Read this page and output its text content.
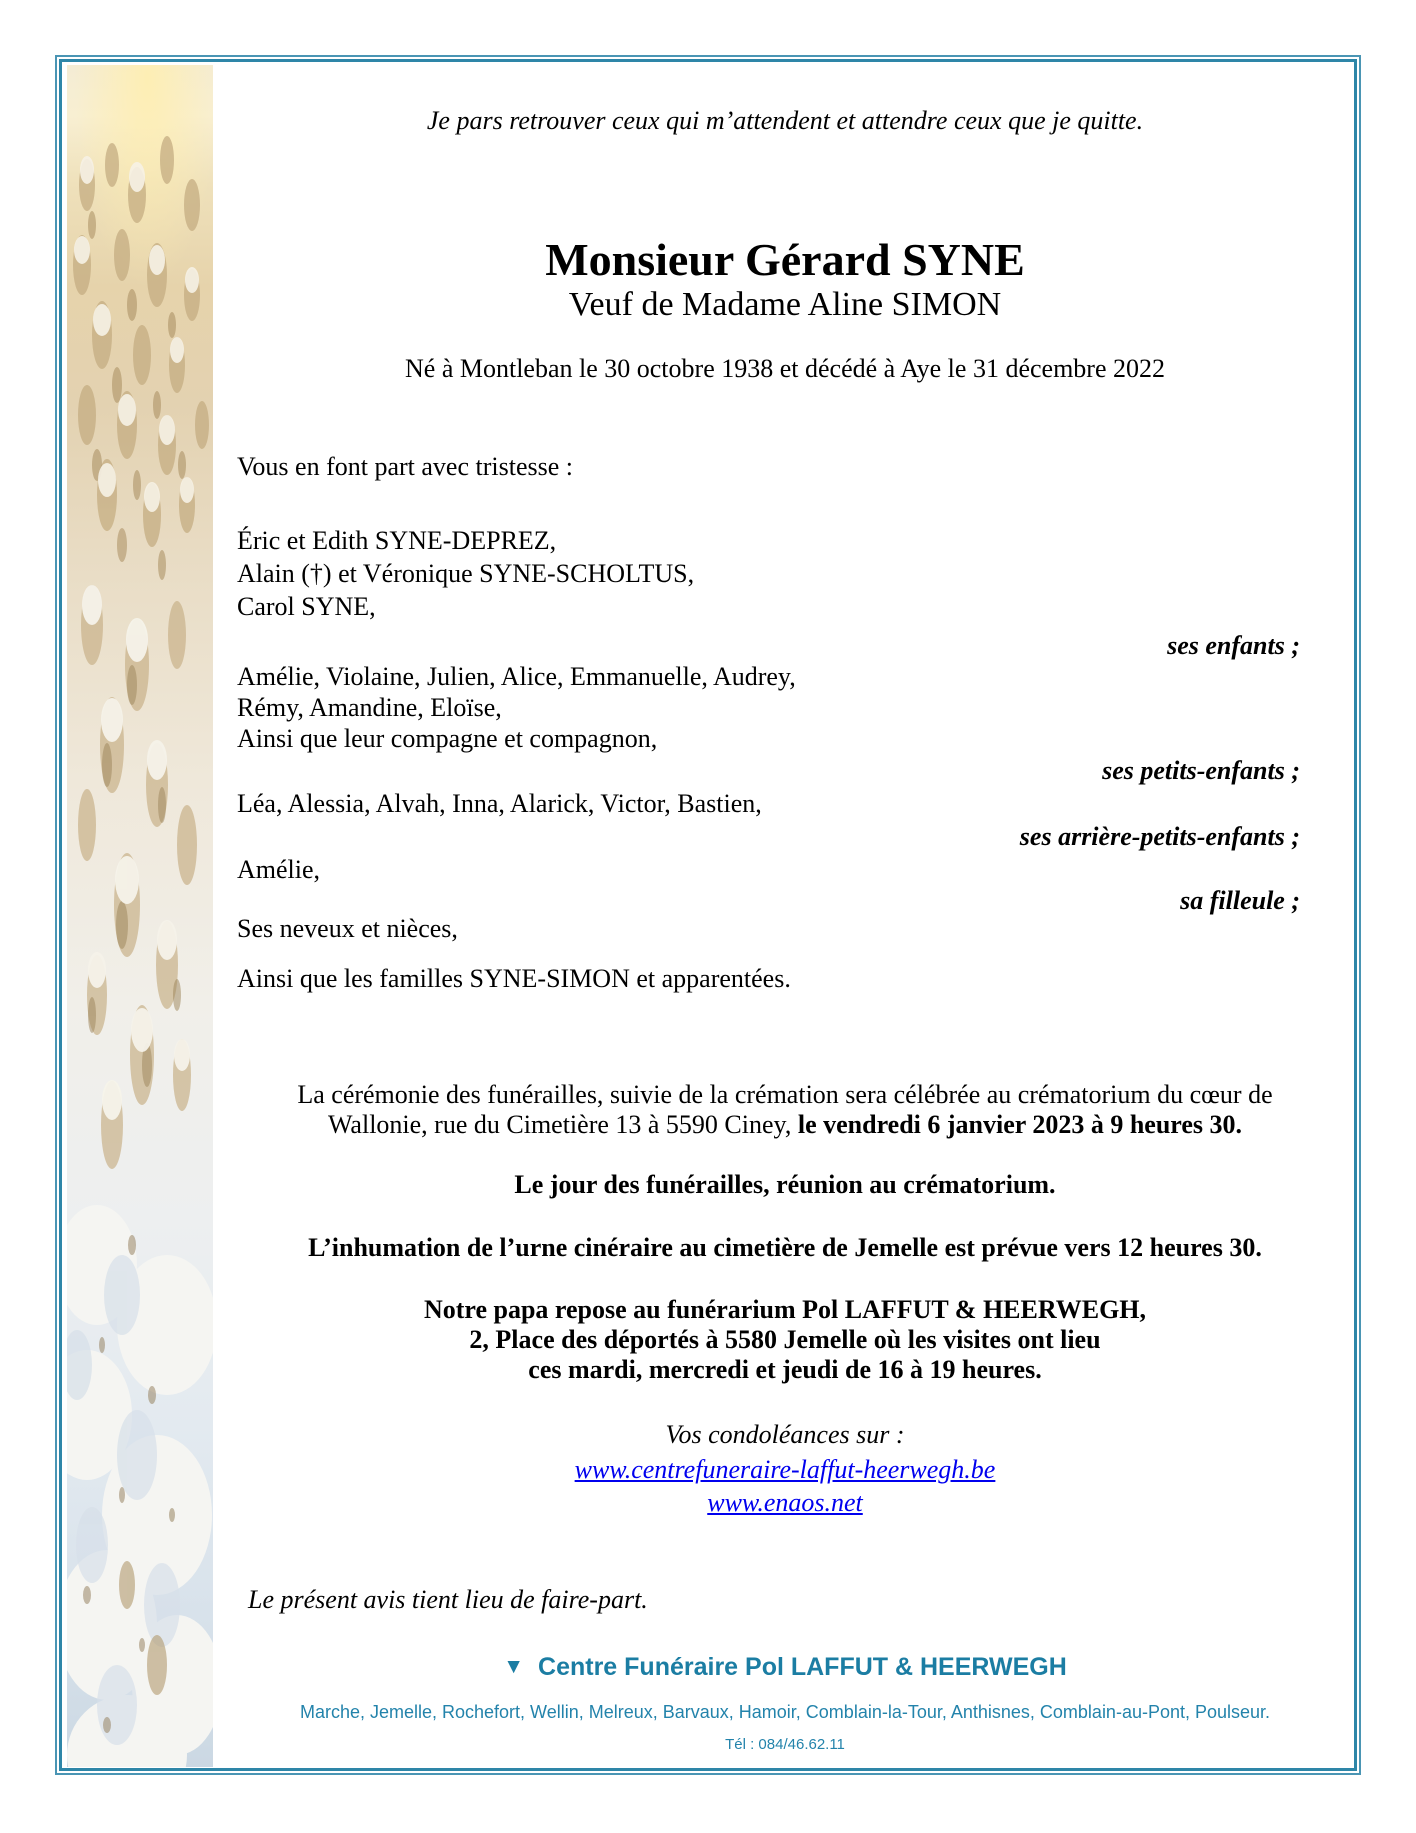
Je pars retrouver ceux qui m’attendent et attendre ceux que je quitte.
Monsieur Gérard SYNE
Veuf de Madame Aline SIMON
Né à Montleban le 30 octobre 1938 et décédé à Aye le 31 décembre 2022
Vous en font part avec tristesse :
Éric et Edith SYNE-DEPREZ,
Alain (†) et Véronique SYNE-SCHOLTUS,
Carol SYNE,
ses enfants ;
Amélie, Violaine, Julien, Alice, Emmanuelle, Audrey,
Rémy, Amandine, Eloïse,
Ainsi que leur compagne et compagnon,
ses petits-enfants ;
Léa, Alessia, Alvah, Inna, Alarick, Victor, Bastien,
ses arrière-petits-enfants ;
Amélie,
sa filleule ;
Ses neveux et nièces,
Ainsi que les familles SYNE-SIMON et apparentées.
La cérémonie des funérailles, suivie de la crémation sera célébrée au crématorium du cœur de
Wallonie, rue du Cimetière 13 à 5590 Ciney, le vendredi 6 janvier 2023 à 9 heures 30.
Le jour des funérailles, réunion au crématorium.
L’inhumation de l’urne cinéraire au cimetière de Jemelle est prévue vers 12 heures 30.
Notre papa repose au funérarium Pol LAFFUT & HEERWEGH,
2, Place des déportés à 5580 Jemelle où les visites ont lieu
ces mardi, mercredi et jeudi de 16 à 19 heures.
Vos condoléances sur :
www.centrefuneraire-laffut-heerwegh.be
www.enaos.net
Le présent avis tient lieu de faire-part.
▼ Centre Funéraire Pol LAFFUT & HEERWEGH
Marche, Jemelle, Rochefort, Wellin, Melreux, Barvaux, Hamoir, Comblain-la-Tour, Anthisnes, Comblain-au-Pont, Poulseur.
Tél : 084/46.62.11
